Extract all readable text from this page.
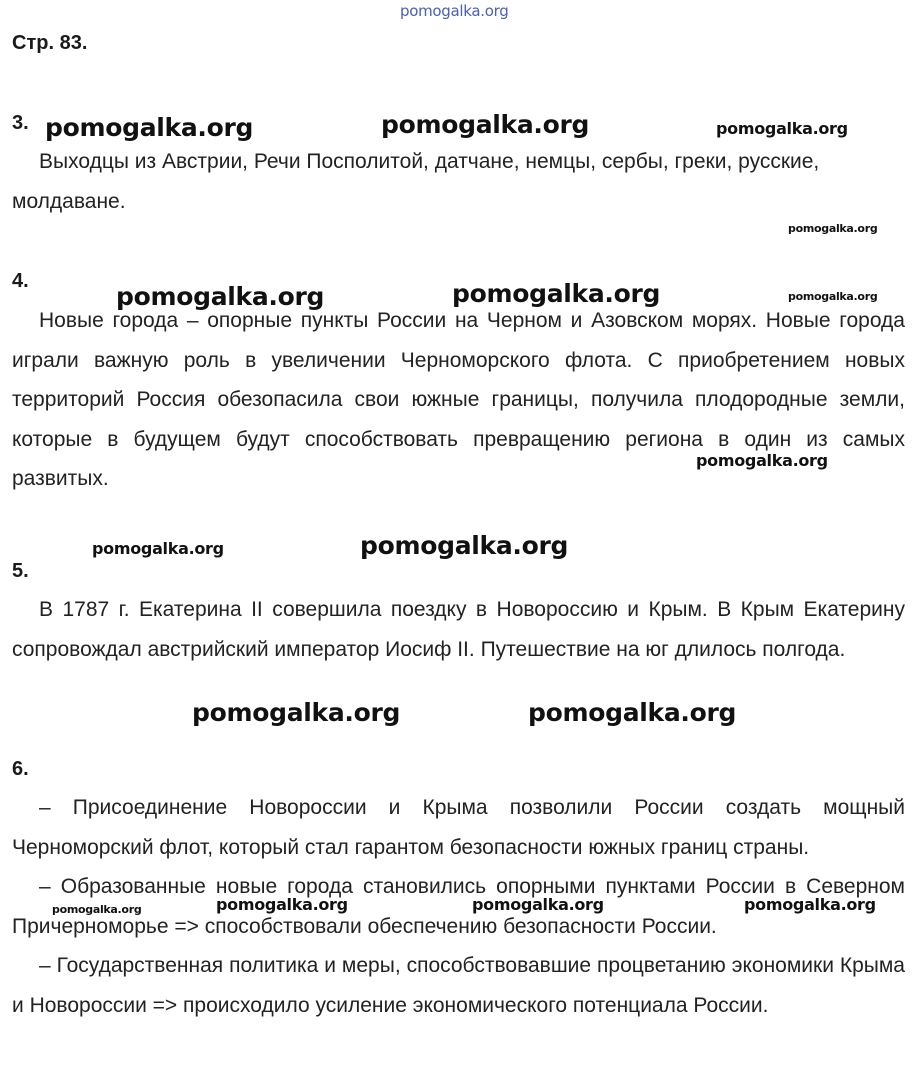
pomogalka.org
pomogalka.org	pomogalka.org	pomogalka.org
pomogalka.org
pomogalka.org	pomogalka.org	pomogalka.org
pomogalka.org
pomogalka.org	pomogalka.org
pomogalka.org	pomogalka.org
pomogalka.org	pomogalka.org	pomogalka.org	pomogalka.org
Стр. 83.
3.

Выходцы из Австрии, Речи Посполитой, датчане, немцы, сербы, греки, русские, молдаване.

4.

Новые города – опорные пункты России на Черном и Азовском морях. Новые города играли важную роль в увеличении Черноморского флота. С приобретением новых территорий Россия обезопасила свои южные границы, получила плодородные земли, которые в будущем будут способствовать превращению региона в один из самых развитых.

5.

В 1787 г. Екатерина II совершила поездку в Новороссию и Крым. В Крым Екатерину сопровождал австрийский император Иосиф II. Путешествие на юг длилось полгода.

6.

– Присоединение Новороссии и Крыма позволили России создать мощный Черноморский флот, который стал гарантом безопасности южных границ страны.

– Образованные новые города становились опорными пунктами России в Северном Причерноморье => способствовали обеспечению безопасности России.

– Государственная политика и меры, способствовавшие процветанию экономики Крыма и Новороссии => происходило усиление экономического потенциала России.
